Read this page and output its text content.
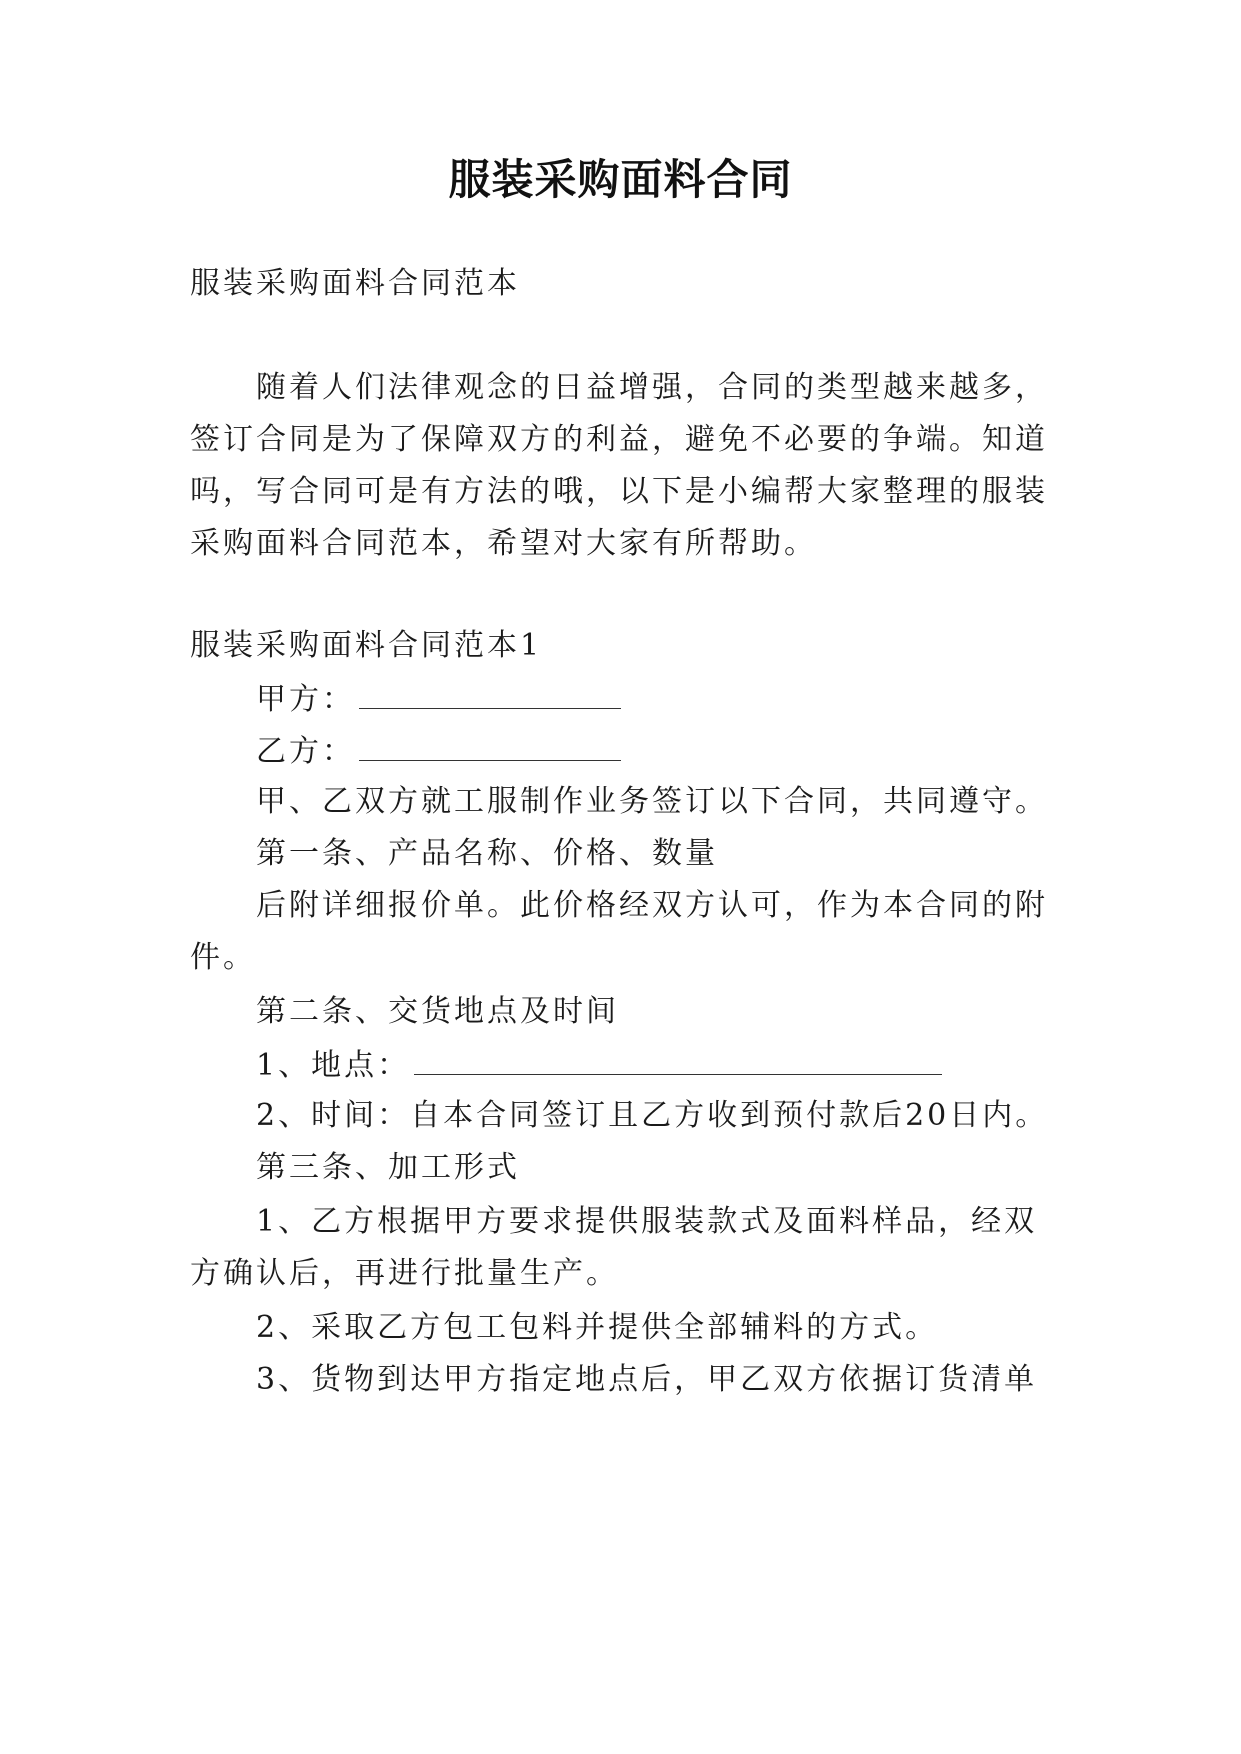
服装采购面料合同
服装采购面料合同范本
随着人们法律观念的日益增强，合同的类型越来越多，
签订合同是为了保障双方的利益，避免不必要的争端。知道
吗，写合同可是有方法的哦，以下是小编帮大家整理的服装
采购面料合同范本，希望对大家有所帮助。
服装采购面料合同范本1
甲方：
乙方：
甲、乙双方就工服制作业务签订以下合同，共同遵守。
第一条、产品名称、价格、数量
后附详细报价单。此价格经双方认可，作为本合同的附
件。
第二条、交货地点及时间
1、地点：
2、时间：自本合同签订且乙方收到预付款后20日内。
第三条、加工形式
1、乙方根据甲方要求提供服装款式及面料样品，经双
方确认后，再进行批量生产。
2、采取乙方包工包料并提供全部辅料的方式。
3、货物到达甲方指定地点后，甲乙双方依据订货清单
